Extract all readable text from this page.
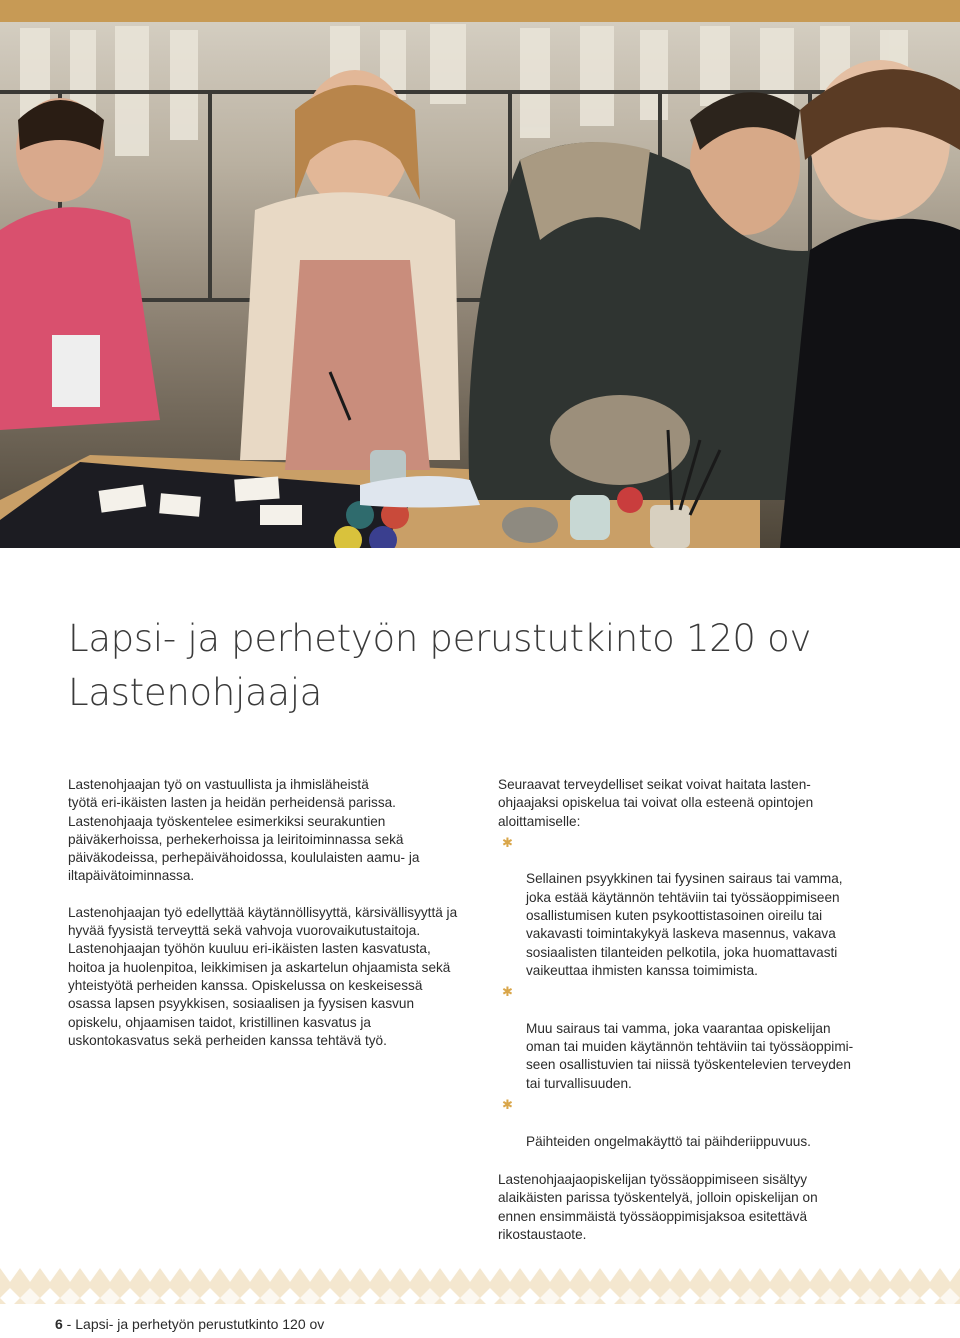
Lapsi- ja perhetyön perustutkinto 120 ov
Lastenohjaaja

Lastenohjaajan työ on vastuullista ja ihmisläheistä
työtä eri-ikäisten lasten ja heidän perheidensä parissa.
Lastenohjaaja työskentelee esimerkiksi seurakuntien
päiväkerhoissa, perhekerhoissa ja leiritoiminnassa sekä
päiväkodeissa, perhepäivähoidossa, koululaisten aamu- ja
iltapäivätoiminnassa.

Lastenohjaajan työ edellyttää käytännöllisyyttä, kärsivällisyyttä ja hyvää fyysistä terveyttä sekä vahvoja vuorovaikutustaitoja. Lastenohjaajan työhön kuuluu eri-ikäisten lasten kasvatusta, hoitoa ja huolenpitoa, leikkimisen ja askartelun ohjaamista sekä yhteistyötä perheiden kanssa. Opiskelussa on keskeisessä osassa lapsen psyykkisen, sosiaalisen ja fyysisen kasvun opiskelu, ohjaamisen taidot, kristillinen kasvatus ja uskontokasvatus sekä perheiden kanssa tehtävä työ.

Seuraavat terveydelliset seikat voivat haitata lasten-
ohjaajaksi opiskelua tai voivat olla esteenä opintojen
aloittamiselle:

✱

Sellainen psyykkinen tai fyysinen sairaus tai vamma,
joka estää käytännön tehtäviin tai työssäoppimiseen
osallistumisen kuten psykoottistasoinen oireilu tai
vakavasti toimintakykyä laskeva masennus, vakava
sosiaalisten tilanteiden pelkotila, joka huomattavasti
vaikeuttaa ihmisten kanssa toimimista.

✱

Muu sairaus tai vamma, joka vaarantaa opiskelijan
oman tai muiden käytännön tehtäviin tai työssäoppimi-
seen osallistuvien tai niissä työskentelevien terveyden
tai turvallisuuden.

✱

Päihteiden ongelmakäyttö tai päihderiippuvuus.

Lastenohjaajaopiskelijan työssäoppimiseen sisältyy
alaikäisten parissa työskentelyä, jolloin opiskelijan on
ennen ensimmäistä työssäoppimisjaksoa esitettävä
rikostaustaote.

6 - Lapsi- ja perhetyön perustutkinto 120 ov
